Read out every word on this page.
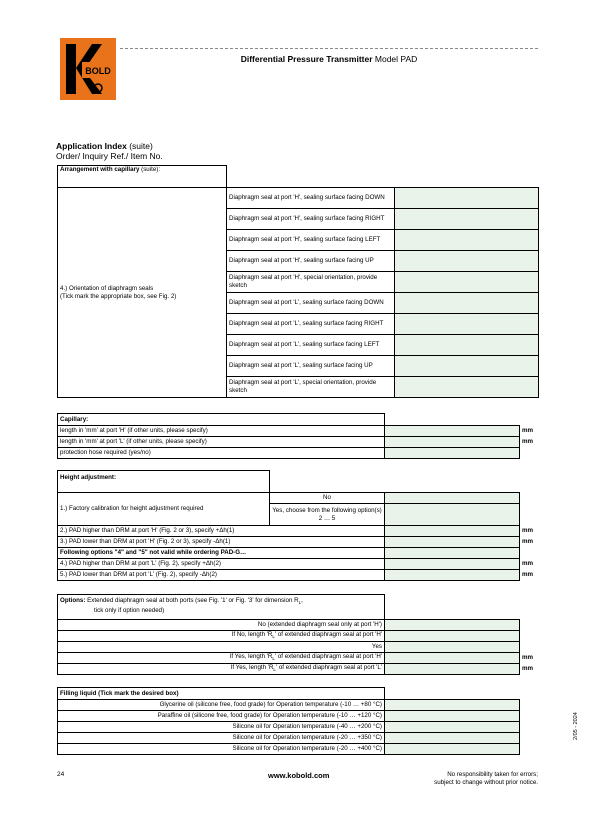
BOLD
Differential Pressure Transmitter Model PAD
Application Index (suite)
Order/ Inquiry Ref./ Item No.
Arrangement with capillary (suite):		

4.) Orientation of diaphragm seals
(Tick mark the appropriate box, see Fig. 2)	Diaphragm seal at port 'H', sealing surface facing DOWN	
	Diaphragm seal at port 'H', sealing surface facing RIGHT	
	Diaphragm seal at port 'H', sealing surface facing LEFT	
	Diaphragm seal at port 'H', sealing surface facing UP	
	Diaphragm seal at port 'H', special orientation, provide sketch	
	Diaphragm seal at port 'L', sealing surface facing DOWN	
	Diaphragm seal at port 'L', sealing surface facing RIGHT	
	Diaphragm seal at port 'L', sealing surface facing LEFT	
	Diaphragm seal at port 'L', sealing surface facing UP	
	Diaphragm seal at port 'L', special orientation, provide sketch	
Capillary:		
length in 'mm' at port 'H' (if other units, please specify)		mm
length in 'mm' at port 'L' (if other units, please specify)		mm
protection hose required (yes/no)		
Height adjustment:			
1.) Factory calibration for height adjustment required	No		
	Yes, choose from the following option(s) 2 … 5		
2.) PAD higher than DRM at port 'H' (Fig. 2 or 3), specify +Δh(1)			mm
3.) PAD lower than DRM at port 'H' (Fig. 2 or 3), specify -Δh(1)			mm
Following options "4" and "5" not valid while ordering PAD-G…			
4.) PAD higher than DRM at port 'L' (Fig. 2), specify +Δh(2)			mm
5.) PAD lower than DRM at port 'L' (Fig. 2), specify -Δh(2)			mm
Options: Extended diaphragm seal at both ports (see Fig. '1' or Fig. '3' for dimension $R_L$,
tick only if option needed)		

No (extended diaphragm seal only at port 'H')		
If No, length '$R_L$' of extended diaphragm seal at port 'H'		
Yes		
If Yes, length '$R_L$' of extended diaphragm seal at port 'H'		mm
If Yes, length '$R_L$' of extended diaphragm seal at port 'L'		mm
Filling liquid (Tick mark the desired box)	
Glycerine oil (silicone free, food grade) for Operation temperature (-10 … +80 °C)	
Paraffine oil (silicone free, food grade) for Operation temperature (-10 … +120 °C)	
Silicone oil for Operation temperature (-40 … +200 °C)	
Silicone oil for Operation temperature (-20 … +350 °C)	
Silicone oil for Operation temperature (-20 … +400 °C)	
24	www.kobold.com	No responsibility taken for errors;
subject to change without prior notice.
2/05 - 2024
